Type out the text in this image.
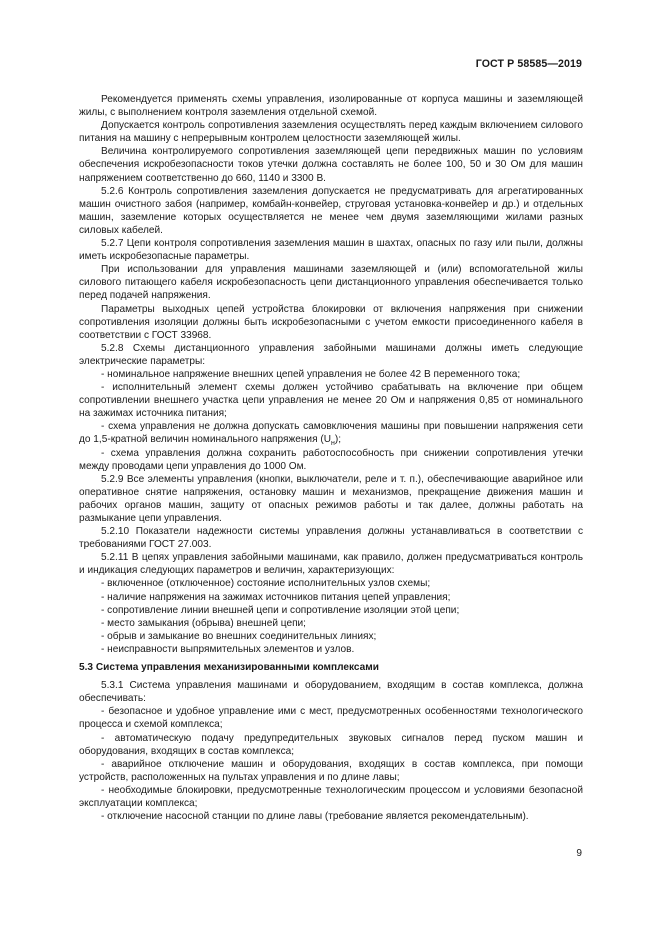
ГОСТ Р 58585—2019

Рекомендуется применять схемы управления, изолированные от корпуса машины и заземляющей жилы, с выполнением контроля заземления отдельной схемой.

Допускается контроль сопротивления заземления осуществлять перед каждым включением силового питания на машину с непрерывным контролем целостности заземляющей жилы.

Величина контролируемого сопротивления заземляющей цепи передвижных машин по условиям обеспечения искробезопасности токов утечки должна составлять не более 100, 50 и 30 Ом для машин напряжением соответственно до 660, 1140 и 3300 В.

5.2.6 Контроль сопротивления заземления допускается не предусматривать для агрегатированных машин очистного забоя (например, комбайн-конвейер, струговая установка-конвейер и др.) и отдельных машин, заземление которых осуществляется не менее чем двумя заземляющими жилами разных силовых кабелей.

5.2.7 Цепи контроля сопротивления заземления машин в шахтах, опасных по газу или пыли, должны иметь искробезопасные параметры.

При использовании для управления машинами заземляющей и (или) вспомогательной жилы силового питающего кабеля искробезопасность цепи дистанционного управления обеспечивается только перед подачей напряжения.

Параметры выходных цепей устройства блокировки от включения напряжения при снижении сопротивления изоляции должны быть искробезопасными с учетом емкости присоединенного кабеля в соответствии с ГОСТ 33968.

5.2.8 Схемы дистанционного управления забойными машинами должны иметь следующие электрические параметры:

- номинальное напряжение внешних цепей управления не более 42 В переменного тока;

- исполнительный элемент схемы должен устойчиво срабатывать на включение при общем сопротивлении внешнего участка цепи управления не менее 20 Ом и напряжения 0,85 от номинального на зажимах источника питания;

- схема управления не должна допускать самовключения машины при повышении напряжения сети до 1,5-кратной величин номинального напряжения $(U_н)$;

- схема управления должна сохранить работоспособность при снижении сопротивления утечки между проводами цепи управления до 1000 Ом.

5.2.9 Все элементы управления (кнопки, выключатели, реле и т. п.), обеспечивающие аварийное или оперативное снятие напряжения, остановку машин и механизмов, прекращение движения машин и рабочих органов машин, защиту от опасных режимов работы и так далее, должны работать на размыкание цепи управления.

5.2.10 Показатели надежности системы управления должны устанавливаться в соответствии с требованиями ГОСТ 27.003.

5.2.11 В цепях управления забойными машинами, как правило, должен предусматриваться контроль и индикация следующих параметров и величин, характеризующих:

- включенное (отключенное) состояние исполнительных узлов схемы;

- наличие напряжения на зажимах источников питания цепей управления;

- сопротивление линии внешней цепи и сопротивление изоляции этой цепи;

- место замыкания (обрыва) внешней цепи;

- обрыв и замыкание во внешних соединительных линиях;

- неисправности выпрямительных элементов и узлов.

5.3 Система управления механизированными комплексами

5.3.1 Система управления машинами и оборудованием, входящим в состав комплекса, должна обеспечивать:

- безопасное и удобное управление ими с мест, предусмотренных особенностями технологического процесса и схемой комплекса;

- автоматическую подачу предупредительных звуковых сигналов перед пуском машин и оборудования, входящих в состав комплекса;

- аварийное отключение машин и оборудования, входящих в состав комплекса, при помощи устройств, расположенных на пультах управления и по длине лавы;

- необходимые блокировки, предусмотренные технологическим процессом и условиями безопасной эксплуатации комплекса;

- отключение насосной станции по длине лавы (требование является рекомендательным).

9
